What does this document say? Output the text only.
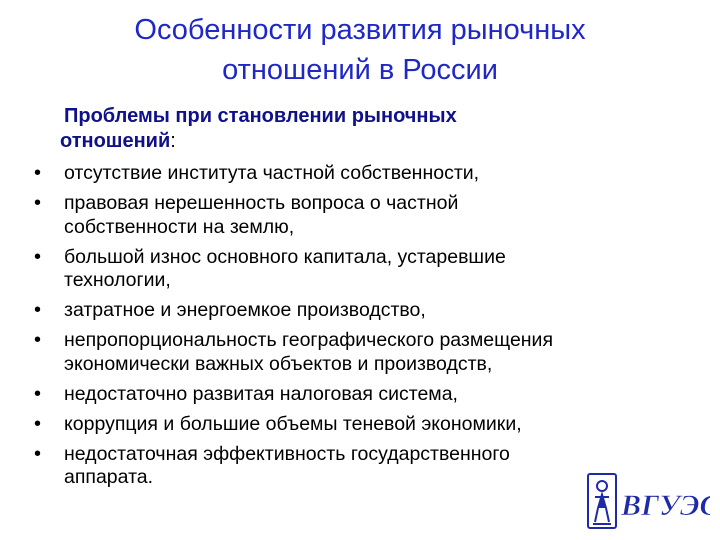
Особенности развития рыночных
отношений в России
Проблемы при становлении рыночных
отношений:
• отсутствие института частной собственности,
• правовая нерешенность вопроса о частной
собственности на землю,
• большой износ основного капитала, устаревшие
технологии,
• затратное и энергоемкое производство,
• непропорциональность географического размещения
экономически важных объектов и производств,
• недостаточно развитая налоговая система,
• коррупция и большие объемы теневой экономики,
• недостаточная эффективность государственного
аппарата.
ВГУЭС
